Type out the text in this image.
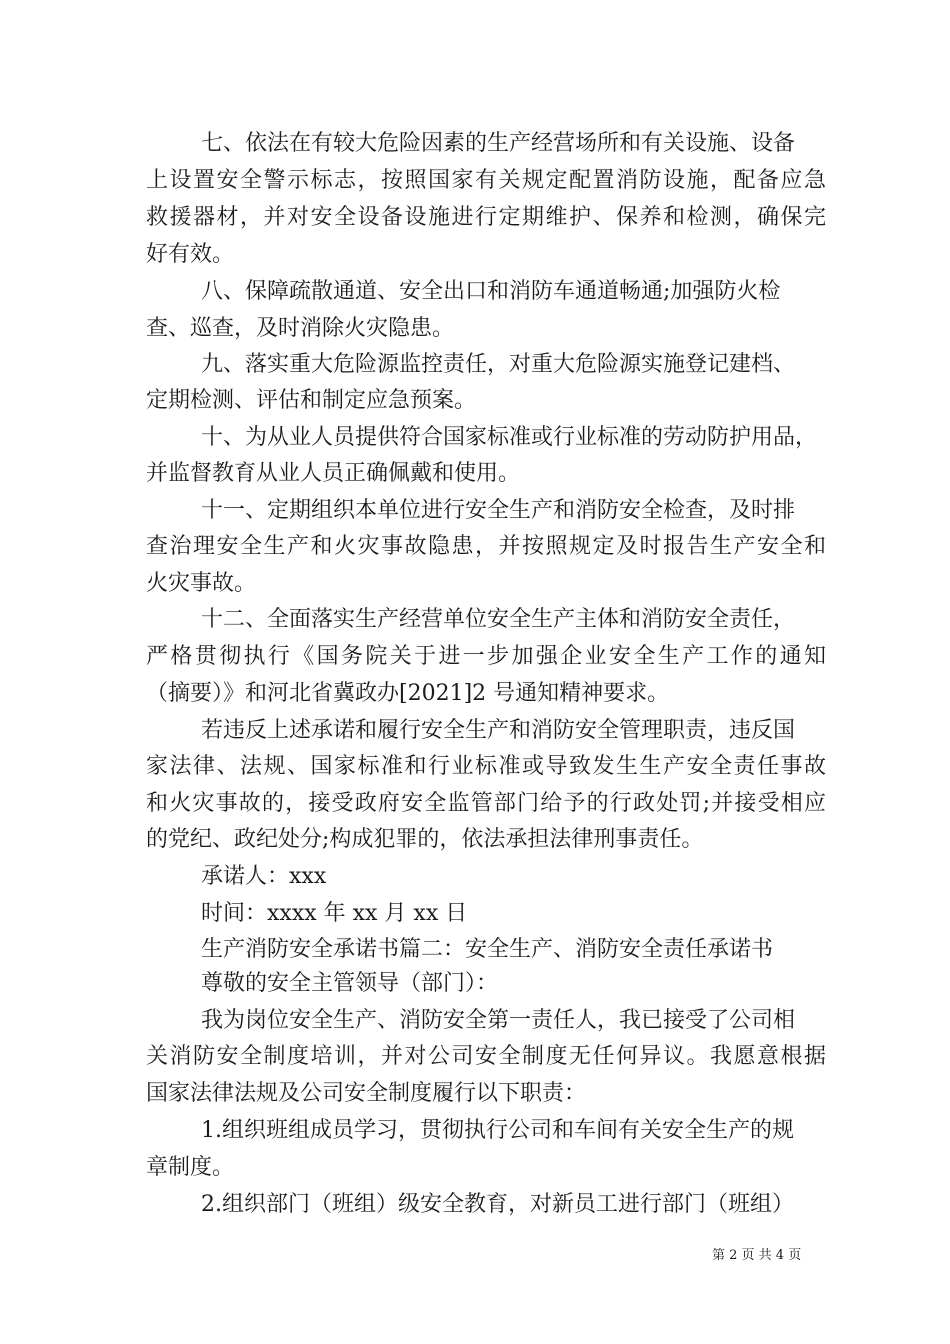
七、依法在有较大危险因素的生产经营场所和有关设施、设备
上设置安全警示标志，按照国家有关规定配置消防设施，配备应急
救援器材，并对安全设备设施进行定期维护、保养和检测，确保完
好有效。
八、保障疏散通道、安全出口和消防车通道畅通;加强防火检
查、巡查，及时消除火灾隐患。
九、落实重大危险源监控责任，对重大危险源实施登记建档、
定期检测、评估和制定应急预案。
十、为从业人员提供符合国家标准或行业标准的劳动防护用品，
并监督教育从业人员正确佩戴和使用。
十一、定期组织本单位进行安全生产和消防安全检查，及时排
查治理安全生产和火灾事故隐患，并按照规定及时报告生产安全和
火灾事故。
十二、全面落实生产经营单位安全生产主体和消防安全责任，
严格贯彻执行《国务院关于进一步加强企业安全生产工作的通知
（摘要）》和河北省冀政办[2021]2 号通知精神要求。
若违反上述承诺和履行安全生产和消防安全管理职责，违反国
家法律、法规、国家标准和行业标准或导致发生生产安全责任事故
和火灾事故的，接受政府安全监管部门给予的行政处罚;并接受相应
的党纪、政纪处分;构成犯罪的，依法承担法律刑事责任。
承诺人：xxx
时间：xxxx 年 xx 月 xx 日
生产消防安全承诺书篇二：安全生产、消防安全责任承诺书
尊敬的安全主管领导（部门）：
我为岗位安全生产、消防安全第一责任人，我已接受了公司相
关消防安全制度培训，并对公司安全制度无任何异议。我愿意根据
国家法律法规及公司安全制度履行以下职责：
1.组织班组成员学习，贯彻执行公司和车间有关安全生产的规
章制度。
2.组织部门（班组）级安全教育，对新员工进行部门（班组）
第 2 页 共 4 页
